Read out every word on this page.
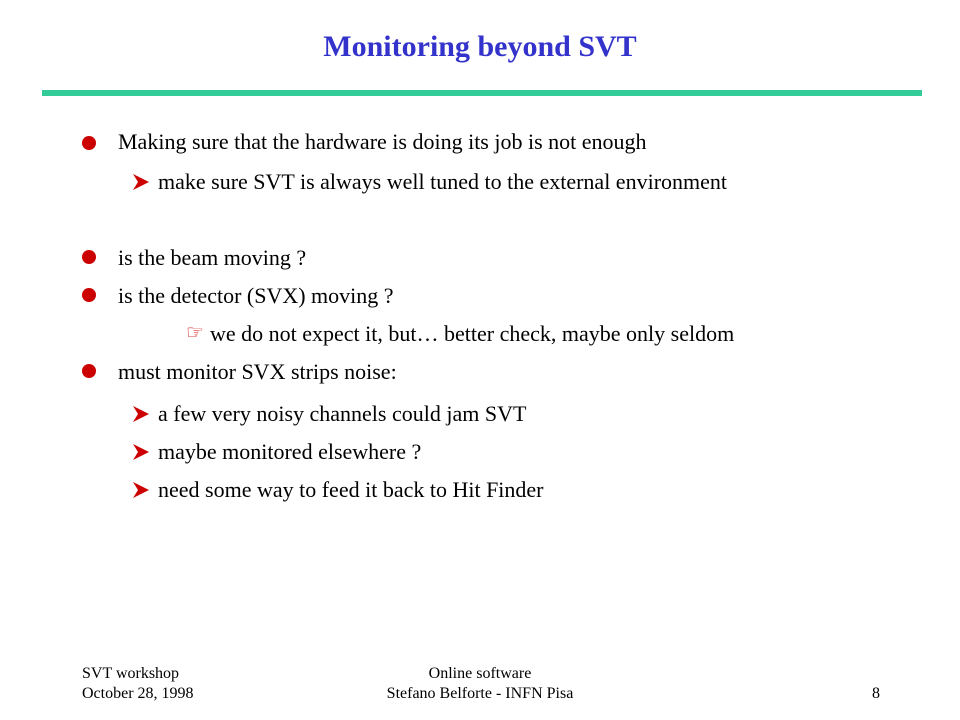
Monitoring beyond SVT
Making sure that the hardware is doing its job is not enough
make sure SVT is always well tuned to the external environment
is the beam moving ?
is the detector (SVX) moving ?
☞ we do not expect it, but… better check, maybe only seldom
must monitor SVX strips noise:
a few very noisy channels could jam SVT
maybe monitored elsewhere ?
need some way to feed it back to Hit Finder
SVT workshop
October 28, 1998
Online software
Stefano Belforte - INFN Pisa	8
